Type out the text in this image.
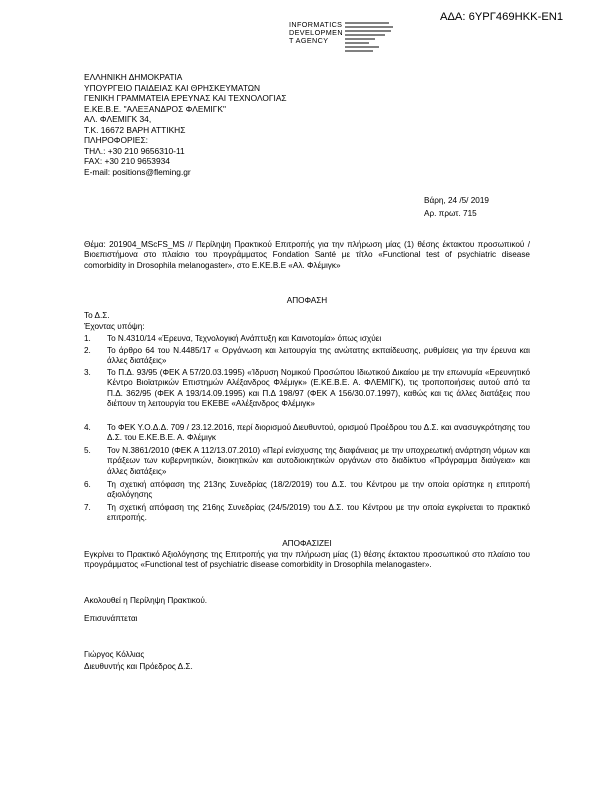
ΑΔΑ: 6ΥΡΓ469ΗΚΚ-ΕΝ1
INFORMATICS
DEVELOPMEN
T AGENCY
ΕΛΛΗΝΙΚΗ ΔΗΜΟΚΡΑΤΙΑ
ΥΠΟΥΡΓΕΙΟ ΠΑΙΔΕΙΑΣ ΚΑΙ ΘΡΗΣΚΕΥΜΑΤΩΝ
ΓΕΝΙΚΗ ΓΡΑΜΜΑΤΕΙΑ ΕΡΕΥΝΑΣ ΚΑΙ ΤΕΧΝΟΛΟΓΙΑΣ
Ε.ΚΕ.Β.Ε. "ΑΛΕΞΑΝΔΡΟΣ ΦΛΕΜΙΓΚ"
ΑΛ. ΦΛΕΜΙΓΚ 34,
Τ.Κ. 16672 ΒΑΡΗ ΑΤΤΙΚΗΣ
ΠΛΗΡΟΦΟΡΙΕΣ:
ΤΗΛ.: +30 210 9656310-11
FAX: +30 210 9653934
E-mail: positions@fleming.gr
Βάρη, 24 /5/ 2019
Αρ. πρωτ. 715
Θέμα: 201904_MScFS_MS // Περίληψη Πρακτικού Επιτροπής για την πλήρωση μίας (1) θέσης έκτακτου προσωπικού / Βιοεπιστήμονα στο πλαίσιο του προγράμματος Fondation Santé με τίτλο «Functional test of psychiatric disease comorbidity in Drosophila melanogaster», στο Ε.ΚΕ.Β.Ε «Αλ. Φλέμιγκ»
ΑΠΟΦΑΣΗ
Το Δ.Σ.
Έχοντας υπόψη:
1. Το Ν.4310/14 «Έρευνα, Τεχνολογική Ανάπτυξη και Καινοτομία» όπως ισχύει
2. Το άρθρο 64 του Ν.4485/17 « Οργάνωση και λειτουργία της ανώτατης εκπαίδευσης, ρυθμίσεις για την έρευνα και άλλες διατάξεις»
3. Το Π.Δ. 93/95 (ΦΕΚ Α 57/20.03.1995) «Ίδρυση Νομικού Προσώπου Ιδιωτικού Δικαίου με την επωνυμία «Ερευνητικό Κέντρο Βιοϊατρικών Επιστημών Αλέξανδρος Φλέμιγκ» (Ε.ΚΕ.Β.Ε. Α. ΦΛΕΜΙΓΚ), τις τροποποιήσεις αυτού από τα Π.Δ. 362/95 (ΦΕΚ Α 193/14.09.1995) και Π.Δ 198/97 (ΦΕΚ Α 156/30.07.1997), καθώς και τις άλλες διατάξεις που διέπουν τη λειτουργία του ΕΚΕΒΕ «Αλέξανδρος Φλέμιγκ»
4. Το ΦΕΚ Υ.Ο.Δ.Δ. 709 / 23.12.2016, περί διορισμού Διευθυντού, ορισμού Προέδρου του Δ.Σ. και ανασυγκρότησης του Δ.Σ. του Ε.ΚΕ.Β.Ε. Α. Φλέμιγκ
5. Τον Ν.3861/2010 (ΦΕΚ Α 112/13.07.2010) «Περί ενίσχυσης της διαφάνειας με την υποχρεωτική ανάρτηση νόμων και πράξεων των κυβερνητικών, διοικητικών και αυτοδιοικητικών οργάνων στο διαδίκτυο «Πρόγραμμα διαύγεια» και άλλες διατάξεις»
6. Τη σχετική απόφαση της 213ης Συνεδρίας (18/2/2019) του Δ.Σ. του Κέντρου με την οποία ορίστηκε η επιτροπή αξιολόγησης
7. Τη σχετική απόφαση της 216ης Συνεδρίας (24/5/2019) του Δ.Σ. του Κέντρου με την οποία εγκρίνεται το πρακτικό επιτροπής.
ΑΠΟΦΑΣΙΖΕΙ
Εγκρίνει το Πρακτικό Αξιολόγησης της Επιτροπής για την πλήρωση μίας (1) θέσης έκτακτου προσωπικού στο πλαίσιο του προγράμματος «Functional test of psychiatric disease comorbidity in Drosophila melanogaster».
Ακολουθεί η Περίληψη Πρακτικού.
Επισυνάπτεται
Γιώργος Κόλλιας
Διευθυντής και Πρόεδρος Δ.Σ.
